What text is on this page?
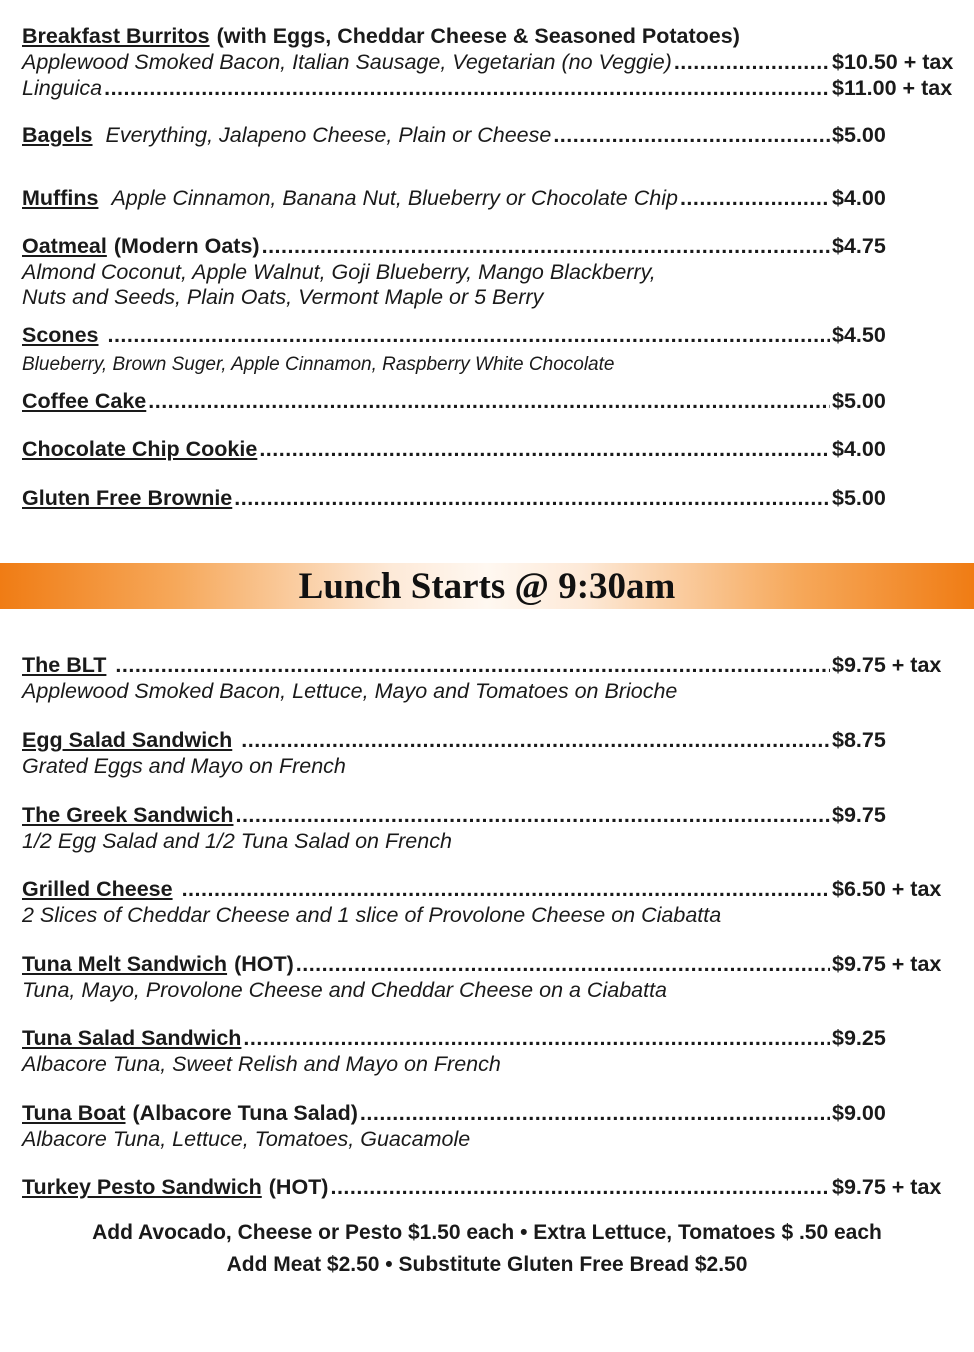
Breakfast Burritos (with Eggs, Cheddar Cheese & Seasoned Potatoes)
Applewood Smoked Bacon, Italian Sausage, Vegetarian (no Veggie) .....	$10.50 + tax
Linguica .....	$11.00 + tax
Bagels Everything, Jalapeno Cheese, Plain or Cheese .....	$5.00
Muffins Apple Cinnamon, Banana Nut, Blueberry or Chocolate Chip .....	$4.00
Oatmeal (Modern Oats) .....	$4.75
Almond Coconut, Apple Walnut, Goji Blueberry, Mango Blackberry,
Nuts and Seeds, Plain Oats, Vermont Maple or 5 Berry
Scones .....	$4.50
Blueberry, Brown Suger, Apple Cinnamon, Raspberry White Chocolate
Coffee Cake .....	$5.00
Chocolate Chip Cookie .....	$4.00
Gluten Free Brownie .....	$5.00
Lunch Starts @ 9:30am
The BLT .....	$9.75 + tax
Applewood Smoked Bacon, Lettuce, Mayo and Tomatoes on Brioche
Egg Salad Sandwich .....	$8.75
Grated Eggs and Mayo on French
The Greek Sandwich .....	$9.75
1/2 Egg Salad and 1/2 Tuna Salad on French
Grilled Cheese .....	$6.50 + tax
2 Slices of Cheddar Cheese and 1 slice of Provolone Cheese on Ciabatta
Tuna Melt Sandwich (HOT) .....	$9.75 + tax
Tuna, Mayo, Provolone Cheese and Cheddar Cheese on a Ciabatta
Tuna Salad Sandwich .....	$9.25
Albacore Tuna, Sweet Relish and Mayo on French
Tuna Boat (Albacore Tuna Salad) .....	$9.00
Albacore Tuna, Lettuce, Tomatoes, Guacamole
Turkey Pesto Sandwich (HOT) .....	$9.75 + tax
Add Avocado, Cheese or Pesto $1.50 each • Extra Lettuce, Tomatoes $ .50 each
Add Meat $2.50 • Substitute Gluten Free Bread $2.50
